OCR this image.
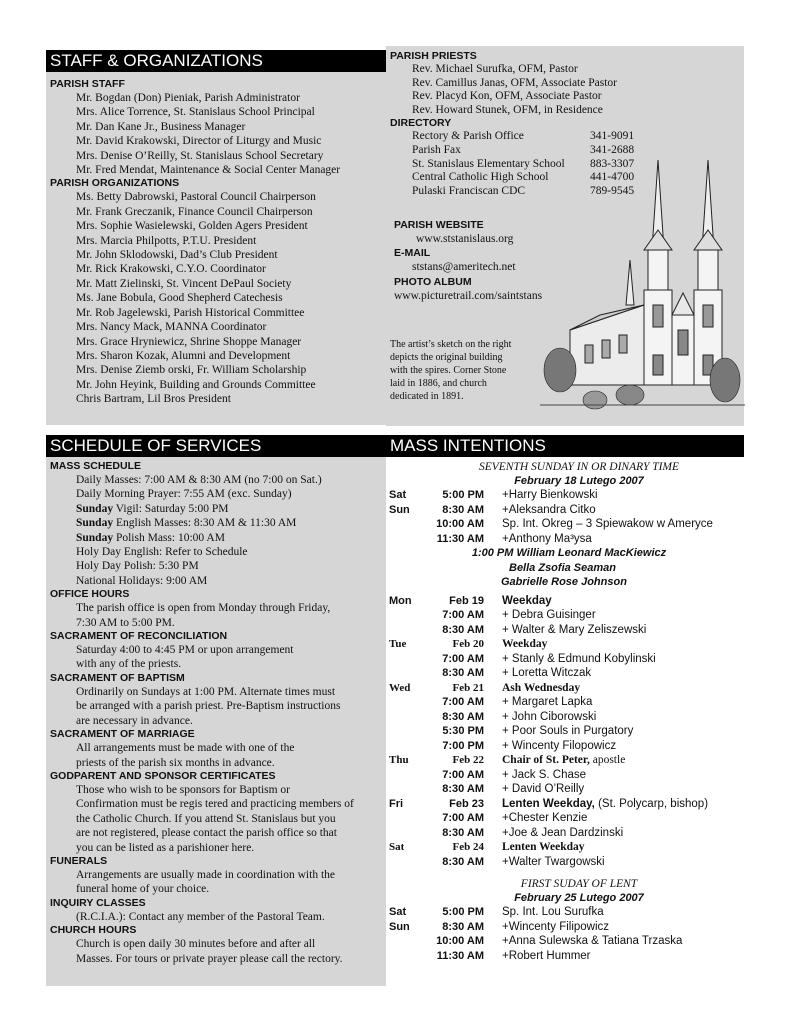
STAFF & ORGANIZATIONS
PARISH STAFF
Mr. Bogdan (Don) Pieniak, Parish Administrator
Mrs. Alice Torrence, St. Stanislaus School Principal
Mr. Dan Kane Jr., Business Manager
Mr. David Krakowski, Director of Liturgy and Music
Mrs. Denise O’Reilly, St. Stanislaus School Secretary
Mr. Fred Mendat, Maintenance & Social Center Manager
PARISH ORGANIZATIONS
Ms. Betty Dabrowski, Pastoral Council Chairperson
Mr. Frank Greczanik, Finance Council Chairperson
Mrs. Sophie Wasielewski, Golden Agers President
Mrs. Marcia Philpotts, P.T.U. President
Mr. John Sklodowski, Dad’s Club President
Mr. Rick Krakowski, C.Y.O. Coordinator
Mr. Matt Zielinski, St. Vincent DePaul Society
Ms. Jane Bobula, Good Shepherd Catechesis
Mr. Rob Jagelewski, Parish Historical Committee
Mrs. Nancy Mack, MANNA Coordinator
Mrs. Grace Hryniewicz, Shrine Shoppe Manager
Mrs. Sharon Kozak, Alumni and Development
Mrs. Denise Ziemb orski, Fr. William Scholarship
Mr. John Heyink, Building and Grounds Committee
Chris Bartram, Lil Bros President
PARISH PRIESTS
Rev. Michael Surufka, OFM, Pastor
Rev. Camillus Janas, OFM, Associate Pastor
Rev. Placyd Kon, OFM, Associate Pastor
Rev. Howard Stunek, OFM, in Residence
DIRECTORY
Rectory & Parish Office	341-9091
Parish Fax	341-2688
St. Stanislaus Elementary School	883-3307
Central Catholic High School	441-4700
Pulaski Franciscan CDC	789-9545
PARISH WEBSITE
www.ststanislaus.org
E-MAIL
ststans@ameritech.net
PHOTO ALBUM
www.picturetrail.com/saintstans
The artist’s sketch on the right
depicts the original building
with the spires. Corner Stone
laid in 1886, and church
dedicated in 1891.
SCHEDULE OF SERVICES
MASS SCHEDULE
Daily Masses: 7:00 AM & 8:30 AM (no 7:00 on Sat.)
Daily Morning Prayer: 7:55 AM (exc. Sunday)
Sunday Vigil: Saturday 5:00 PM
Sunday English Masses: 8:30 AM & 11:30 AM
Sunday Polish Mass: 10:00 AM
Holy Day English: Refer to Schedule
Holy Day Polish: 5:30 PM
National Holidays: 9:00 AM
OFFICE HOURS
The parish office is open from Monday through Friday,
7:30 AM to 5:00 PM.
SACRAMENT OF RECONCILIATION
Saturday 4:00 to 4:45 PM or upon arrangement
with any of the priests.
SACRAMENT OF BAPTISM
Ordinarily on Sundays at 1:00 PM. Alternate times must
be arranged with a parish priest. Pre-Baptism instructions
are necessary in advance.
SACRAMENT OF MARRIAGE
All arrangements must be made with one of the
priests of the parish six months in advance.
GODPARENT AND SPONSOR CERTIFICATES
Those who wish to be sponsors for Baptism or
Confirmation must be regis tered and practicing members of
the Catholic Church. If you attend St. Stanislaus but you
are not registered, please contact the parish office so that
you can be listed as a parishioner here.
FUNERALS
Arrangements are usually made in coordination with the
funeral home of your choice.
INQUIRY CLASSES
(R.C.I.A.): Contact any member of the Pastoral Team.
CHURCH HOURS
Church is open daily 30 minutes before and after all
Masses. For tours or private prayer please call the rectory.
MASS INTENTIONS
SEVENTH SUNDAY IN OR DINARY TIME
February 18 Lutego 2007
Sat	5:00 PM	+Harry Bienkowski
Sun	8:30 AM	+Aleksandra Citko
10:00 AM	Sp. Int. Okreg – 3 Spiewakow w Ameryce
11:30 AM	+Anthony Ma³ysa
1:00 PM William Leonard MacKiewicz
Bella Zsofia Seaman
Gabrielle Rose Johnson
Mon	Feb 19	Weekday
7:00 AM	+ Debra Guisinger
8:30 AM	+ Walter & Mary Zeliszewski
Tue	Feb 20	Weekday
7:00 AM	+ Stanly & Edmund Kobylinski
8:30 AM	+ Loretta Witczak
Wed	Feb 21	Ash Wednesday
7:00 AM	+ Margaret Lapka
8:30 AM	+ John Ciborowski
5:30 PM	+ Poor Souls in Purgatory
7:00 PM	+ Wincenty Filopowicz
Thu	Feb 22	Chair of St. Peter, apostle
7:00 AM	+ Jack S. Chase
8:30 AM	+ David O’Reilly
Fri	Feb 23	Lenten Weekday, (St. Polycarp, bishop)
7:00 AM	+Chester Kenzie
8:30 AM	+Joe & Jean Dardzinski
Sat	Feb 24	Lenten Weekday
8:30 AM	+Walter Twargowski
FIRST SUDAY OF LENT
February 25 Lutego 2007
Sat	5:00 PM	Sp. Int. Lou Surufka
Sun	8:30 AM	+Wincenty Filipowicz
10:00 AM	+Anna Sulewska & Tatiana Trzaska
11:30 AM	+Robert Hummer
